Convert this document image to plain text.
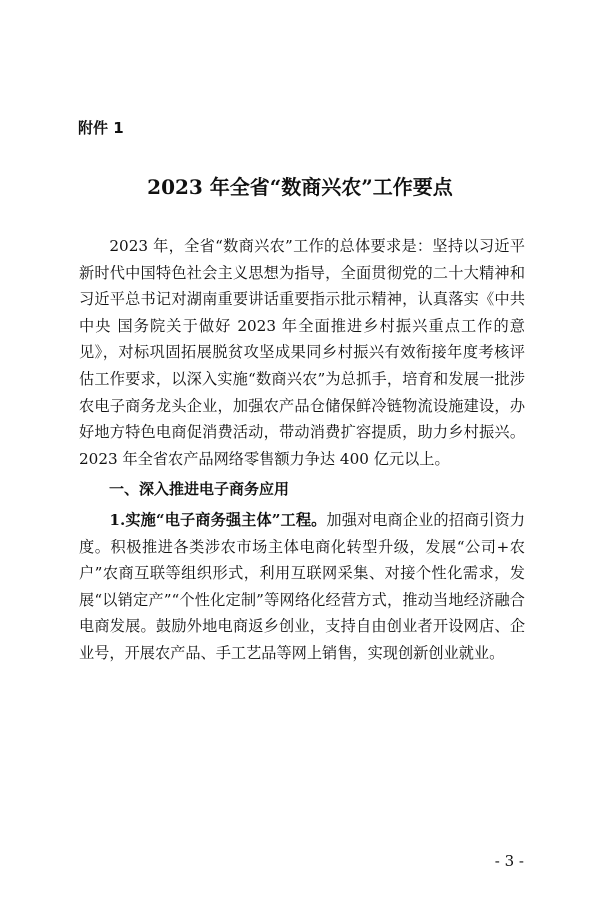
附件 1
2023 年全省“数商兴农”工作要点

2023 年，全省“数商兴农”工作的总体要求是：坚持以习近平新时代中国特色社会主义思想为指导，全面贯彻党的二十大精神和习近平总书记对湖南重要讲话重要指示批示精神，认真落实《中共中央 国务院关于做好 2023 年全面推进乡村振兴重点工作的意见》，对标巩固拓展脱贫攻坚成果同乡村振兴有效衔接年度考核评估工作要求，以深入实施“数商兴农”为总抓手，培育和发展一批涉农电子商务龙头企业，加强农产品仓储保鲜冷链物流设施建设，办好地方特色电商促消费活动，带动消费扩容提质，助力乡村振兴。2023 年全省农产品网络零售额力争达 400 亿元以上。

一、深入推进电子商务应用

1.实施“电子商务强主体”工程。加强对电商企业的招商引资力度。积极推进各类涉农市场主体电商化转型升级，发展“公司+农户”农商互联等组织形式，利用互联网采集、对接个性化需求，发展“以销定产”“个性化定制”等网络化经营方式，推动当地经济融合电商发展。鼓励外地电商返乡创业，支持自由创业者开设网店、企业号，开展农产品、手工艺品等网上销售，实现创新创业就业。

- 3 -
